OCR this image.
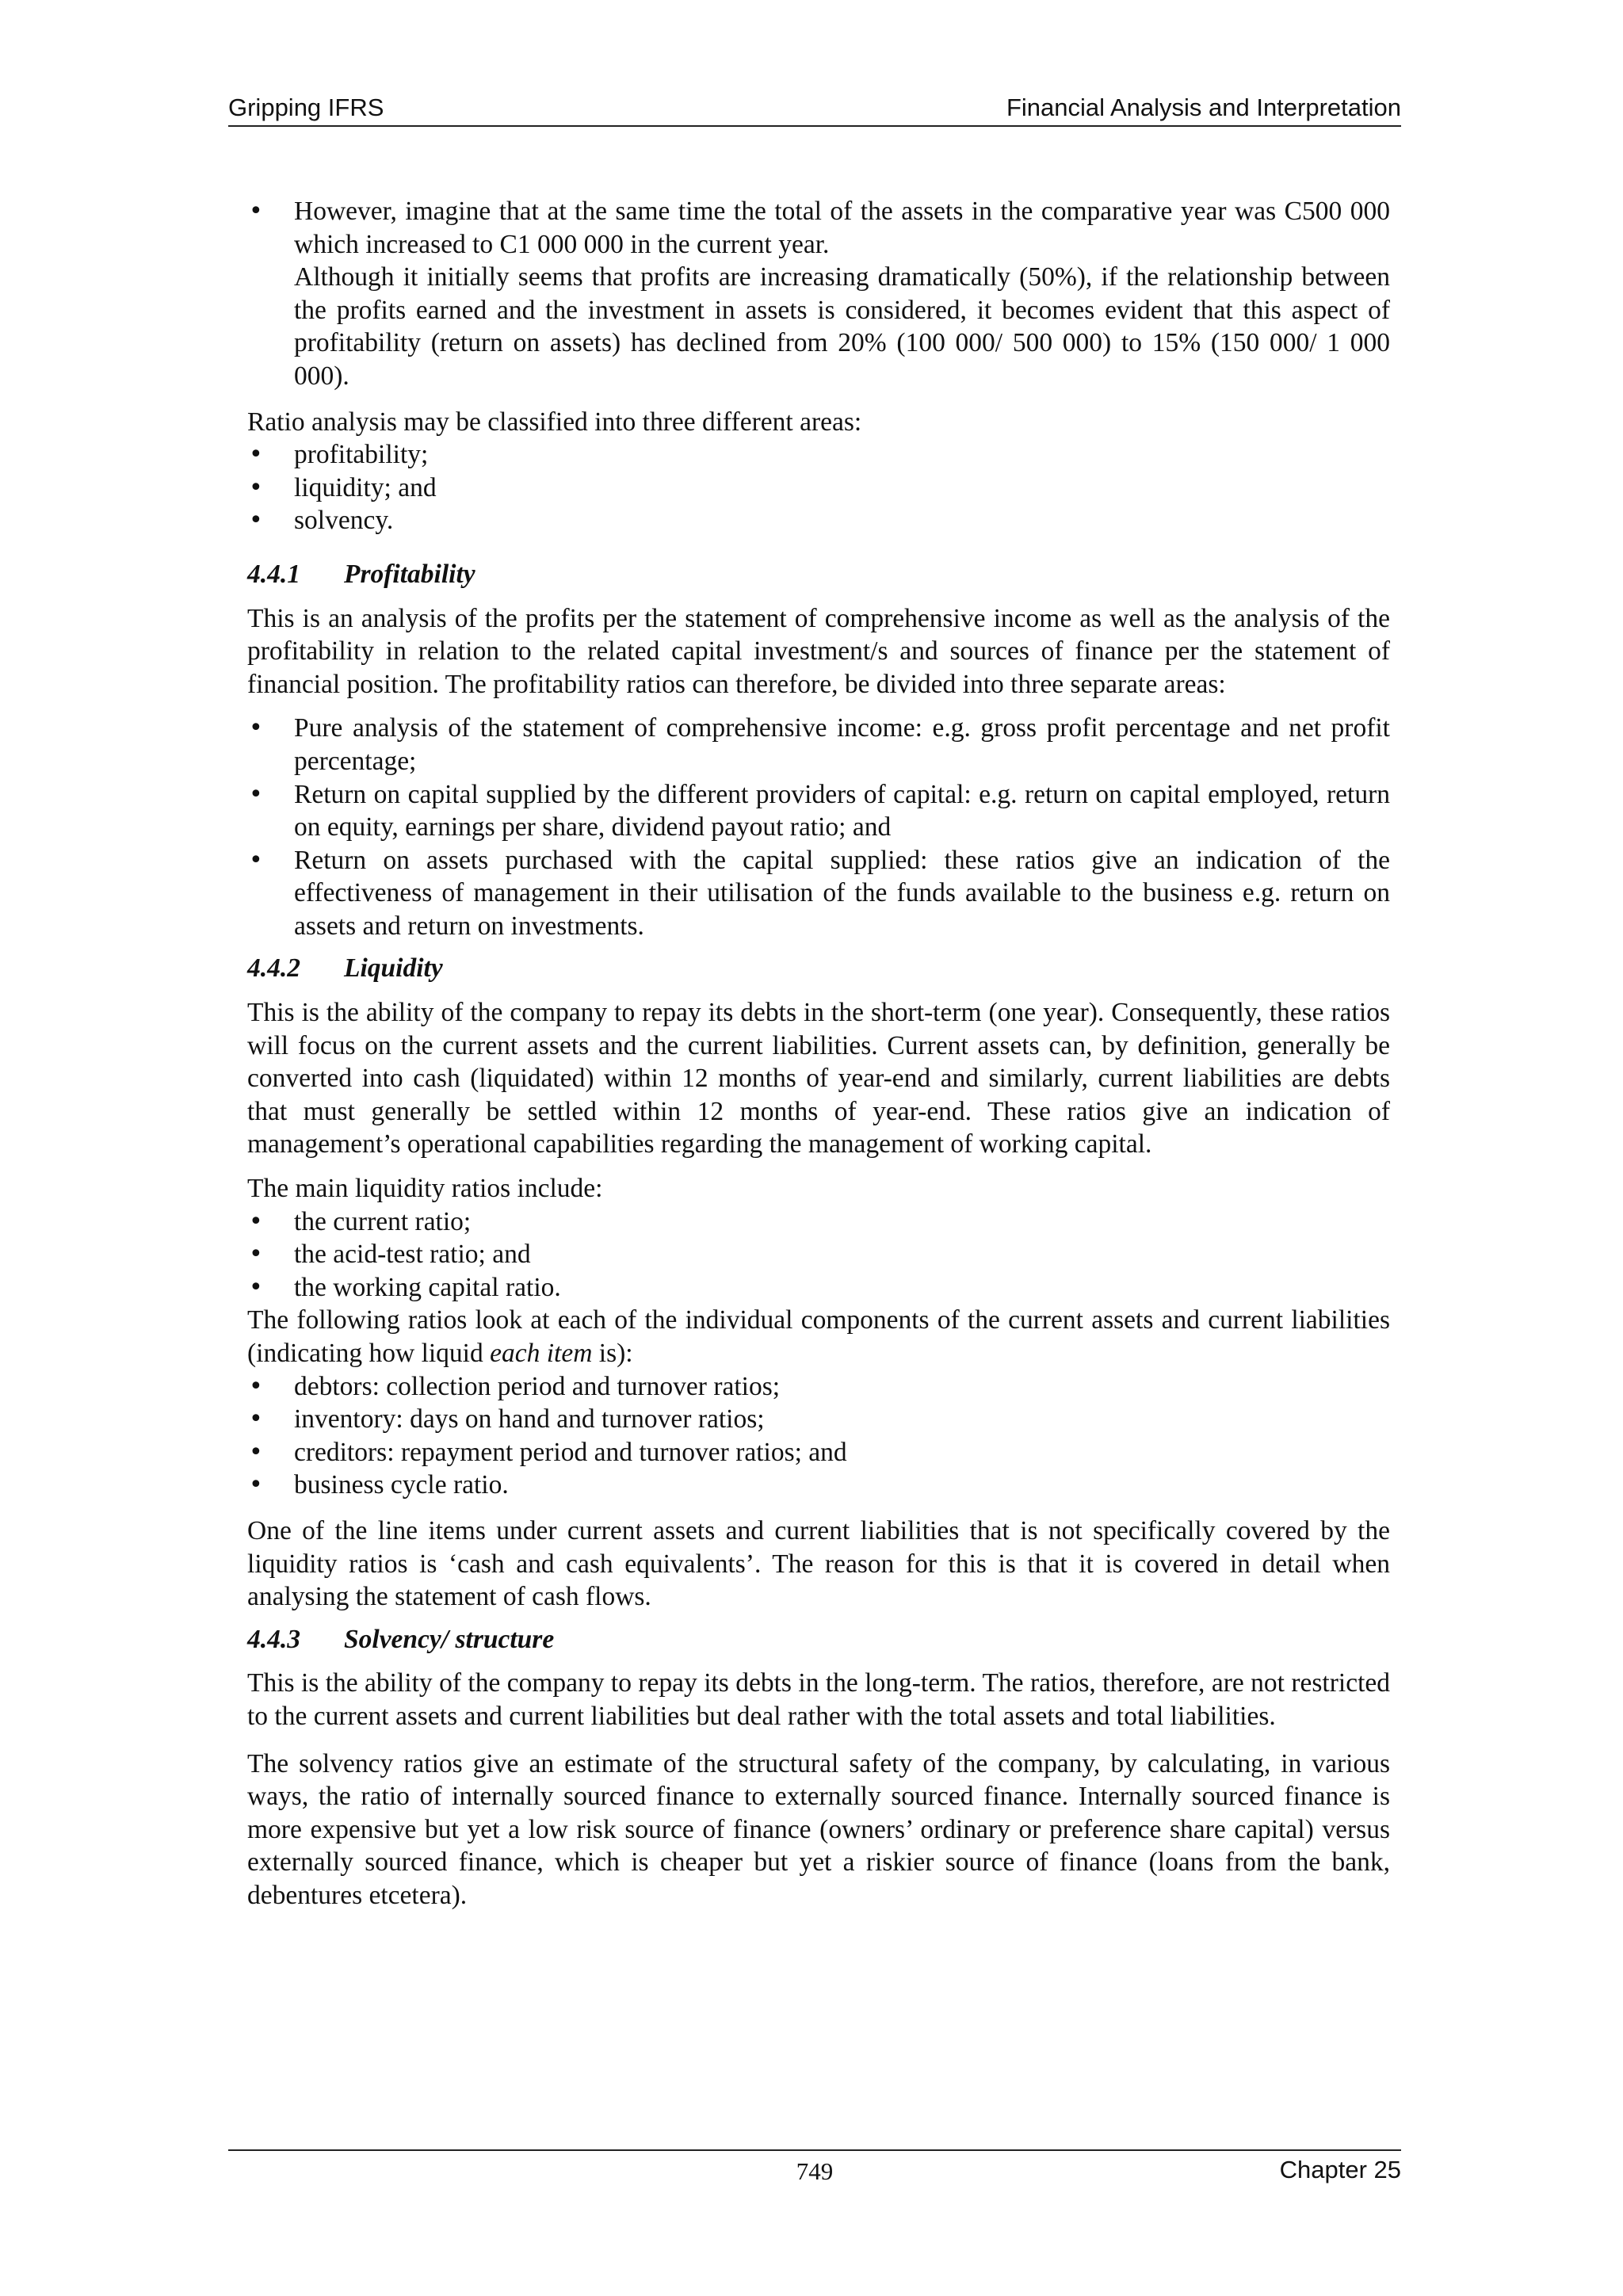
Gripping IFRS	Financial Analysis and Interpretation

• However, imagine that at the same time the total of the assets in the comparative year was C500 000 which increased to C1 000 000 in the current year.

Although it initially seems that profits are increasing dramatically (50%), if the relationship between the profits earned and the investment in assets is considered, it becomes evident that this aspect of profitability (return on assets) has declined from 20% (100 000/ 500 000) to 15% (150 000/ 1 000 000).

Ratio analysis may be classified into three different areas:

• profitability;
• liquidity; and
• solvency.
4.4.1 Profitability

This is an analysis of the profits per the statement of comprehensive income as well as the analysis of the profitability in relation to the related capital investment/s and sources of finance per the statement of financial position. The profitability ratios can therefore, be divided into three separate areas:

• Pure analysis of the statement of comprehensive income: e.g. gross profit percentage and net profit percentage;
• Return on capital supplied by the different providers of capital: e.g. return on capital employed, return on equity, earnings per share, dividend payout ratio; and
• Return on assets purchased with the capital supplied: these ratios give an indication of the effectiveness of management in their utilisation of the funds available to the business e.g. return on assets and return on investments.
4.4.2 Liquidity

This is the ability of the company to repay its debts in the short-term (one year). Consequently, these ratios will focus on the current assets and the current liabilities. Current assets can, by definition, generally be converted into cash (liquidated) within 12 months of year-end and similarly, current liabilities are debts that must generally be settled within 12 months of year-end. These ratios give an indication of management’s operational capabilities regarding the management of working capital.

The main liquidity ratios include:

• the current ratio;
• the acid-test ratio; and
• the working capital ratio.

The following ratios look at each of the individual components of the current assets and current liabilities (indicating how liquid each item is):

• debtors: collection period and turnover ratios;
• inventory: days on hand and turnover ratios;
• creditors: repayment period and turnover ratios; and
• business cycle ratio.

One of the line items under current assets and current liabilities that is not specifically covered by the liquidity ratios is ‘cash and cash equivalents’. The reason for this is that it is covered in detail when analysing the statement of cash flows.

4.4.3 Solvency/ structure

This is the ability of the company to repay its debts in the long-term. The ratios, therefore, are not restricted to the current assets and current liabilities but deal rather with the total assets and total liabilities.

The solvency ratios give an estimate of the structural safety of the company, by calculating, in various ways, the ratio of internally sourced finance to externally sourced finance. Internally sourced finance is more expensive but yet a low risk source of finance (owners’ ordinary or preference share capital) versus externally sourced finance, which is cheaper but yet a riskier source of finance (loans from the bank, debentures etcetera).

749	Chapter 25
